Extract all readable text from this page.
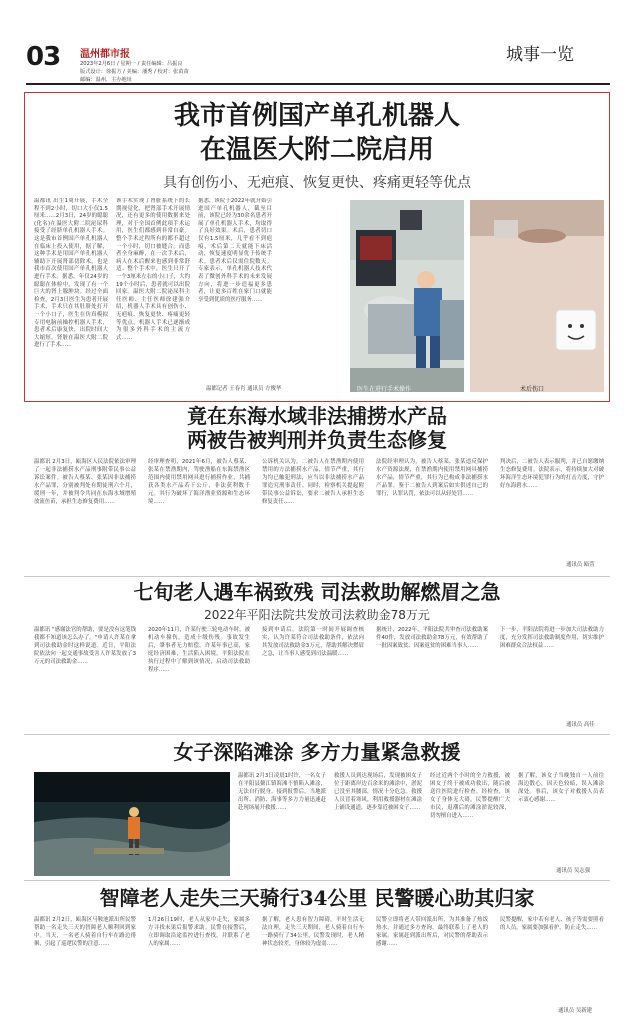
03 温州都市报
2023年2月6日 / 星期一 / 责任编辑：吕振良
版式设计：徐振方 / 美编：潘秀 / 校对：张苗苗
邮编：温州，主办地址
城事一览
我市首例国产单孔机器人
在温医大附二院启用
具有创伤小、无疤痕、恢复更快、疼痛更轻等优点
温都讯 出生1周开展，手术全程不到2小时，切口大小仅1.5厘米……2月3日，24岁的聪聪(化名)在温医大附二院泌尿科接受了经脐单孔机器人手术。这是我市首例国产单孔机器人在临床上投入使用，据了解，这种手术是用国产单孔机器人辅助下开展肾部切除术，也是我市首次使用国产单孔机器人进行手术。据悉，年仅24岁的聪聪在体检中，发现了有一个巨大的肾上腺肿块。经过全面检查，2月3日医生为患者开展手术，手术只在其肚脐处打开一个小口子，医生在仿真模拟专用电脑前操控机器人手术，患者术后康复快，出院时间大大缩短。肾脏在温医大附二院进行了手术……
该手术实现了肾脏系统下的长期视觉化，把肾部手术开展情况，还有更多的使用数据来处理，对于全国首例此项手术运用，医生们都感到非常自豪。整个手术过程所有的都不超过一个小时，切口被缝合，而患者全身麻醉，在一次手术后，病人在术后醒来也感到非常舒适。整个手术中，医生只开了一个3厘米左右的小口子，大约19个小时后，患者就可以出院回家。温医大附二院泌尿科主任医师、主任医师徐建强介绍，机器人手术具有创伤小、无疤痕、恢复更快、疼痛更轻等优点，机器人手术已逐渐成为很多外科手术的主流方式……
据悉，该院于2022年就开始引进国产单孔机器人，截至目前，该院已经为30余名患者开展了单孔机器人手术，均取得了良好效果。术后，患者切口仅有1.5厘米，几乎看不到疤痕，术后第二天就能下床活动，恢复速度明显优于传统手术。患者术后仅需住院数天。专家表示，单孔机器人技术代表了微创外科手术的未来发展方向，将进一步造福更多患者，让更多百姓在家门口就能享受到优质的医疗服务……
温都记者 王春肖 通讯员 方俊华	医生在进行手术操作	术后伤口
竟在东海水域非法捕捞水产品
两被告被判刑并负责生态修复
温都讯 2月3日，瓯海区人民法院依法审理了一起非法捕捞水产品刑事附带民事公益诉讼案件。被告人蔡某、张某因非法捕捞水产品罪，分别被判处有期徒刑六个月，缓刑一年，并被判令共同在东海水域增殖放流鱼苗，承担生态修复费用……
经审理查明，2021年6月，被告人蔡某、张某在禁渔期内，驾驶渔船在东海禁渔区范围内使用禁用网具进行捕捞作业，共捕获各类水产品若干公斤，非法获利数千元。其行为破坏了海洋渔业资源和生态环境……
公诉机关认为，二被告人在禁渔期内使用禁用的方法捕捞水产品，情节严重，其行为均已触犯刑法，应当以非法捕捞水产品罪追究刑事责任。同时，检察机关提起附带民事公益诉讼，要求二被告人承担生态修复责任……
法院经审理认为，被告人蔡某、张某违反保护水产资源法规，在禁渔期内使用禁用网具捕捞水产品，情节严重，其行为已构成非法捕捞水产品罪。鉴于二被告人到案后如实供述自己的罪行，认罪认罚，依法可以从轻处罚……
判决后，二被告人表示服判，并已自愿缴纳生态修复费用。法院表示，将持续加大对破坏海洋生态环境犯罪行为的打击力度，守护好东海碧水……
通讯员 瓯萱
七旬老人遇车祸致残 司法救助解燃眉之急
2022年平阳法院共发放司法救助金78万元
温都讯 "感谢法官的帮助，要是没有这笔钱我都不知道该怎么办了。"申请人许某在拿到司法救助金时这样说道。近日，平阳法院依法向一起交通事故受害人许某发放了3万元的司法救助金……
2020年11月，许某行驶三轮电动车时，被机动车撞伤，造成十级伤残。事故发生后，肇事者无力赔偿。许某年事已高，家庭经济困难，生活陷入困境。平阳法院在执行过程中了解到该情况，启动司法救助程序……
接到申请后，法院第一时间开展调查核实，认为许某符合司法救助条件，依法向其发放司法救助金3万元，帮助其解决燃眉之急，让当事人感受到司法温暖……
据统计，2022年，平阳法院共审查司法救助案件40件，发放司法救助金78万元，有效帮助了一批因案致贫、因案返贫的困难当事人……
下一步，平阳法院将进一步加大司法救助力度，充分发挥司法救助制度作用，切实维护困难群众合法权益……
通讯员 高佳
女子深陷滩涂 多方力量紧急救援
温都讯 2月3日凌晨1时许，一名女子在平阳县鳌江镇海滩不慎陷入滩涂，无法自行脱身。接到报警后，当地派出所、消防、海事等多方力量迅速赶赴现场展开救援……
救援人员到达现场后，发现被困女子位于距离岸边百余米的滩涂中，淤泥已没至其腰部，情况十分危急。救援人员冒着寒风，利用救援器材在滩涂上铺设通道，逐步靠近被困女子……
经过近两个小时的全力救援，被困女子终于被成功救出，随后被送往医院进行检查。经检查，该女子身体无大碍。民警提醒广大市民，退潮后的滩涂淤泥较深，切勿擅自进入……
据了解，该女子当晚独自一人前往海边散心，因天色较暗，误入滩涂深处。事后，该女子对救援人员表示衷心感谢……
通讯员 吴志强
智障老人走失三天骑行34公里 民警暖心助其归家
温都讯 2月2日，瓯海区马鞍池派出所民警帮助一名走失三天的智障老人顺利回到家中。当天，一名老人骑着自行车在路边徘徊，引起了巡逻民警的注意……
1月26日19时，老人从家中走失，家属多方寻找未果后报警求助。民警在接警后，立即调取沿途监控进行查找，并联系了老人的家属……
据了解，老人患有智力障碍，平时生活无法自理，走失三天期间，老人骑着自行车一路骑行了34公里，民警发现时，老人精神状态较差，身体较为虚弱……
民警立即将老人带回派出所，为其准备了热饭热水，并通过多方查询，最终联系上了老人的家属。家属赶到派出所后，对民警的帮助表示感谢……
民警提醒，家中若有老人、孩子等需要照看的人员，家属要加强看护，防止走失……
通讯员 吴新建
